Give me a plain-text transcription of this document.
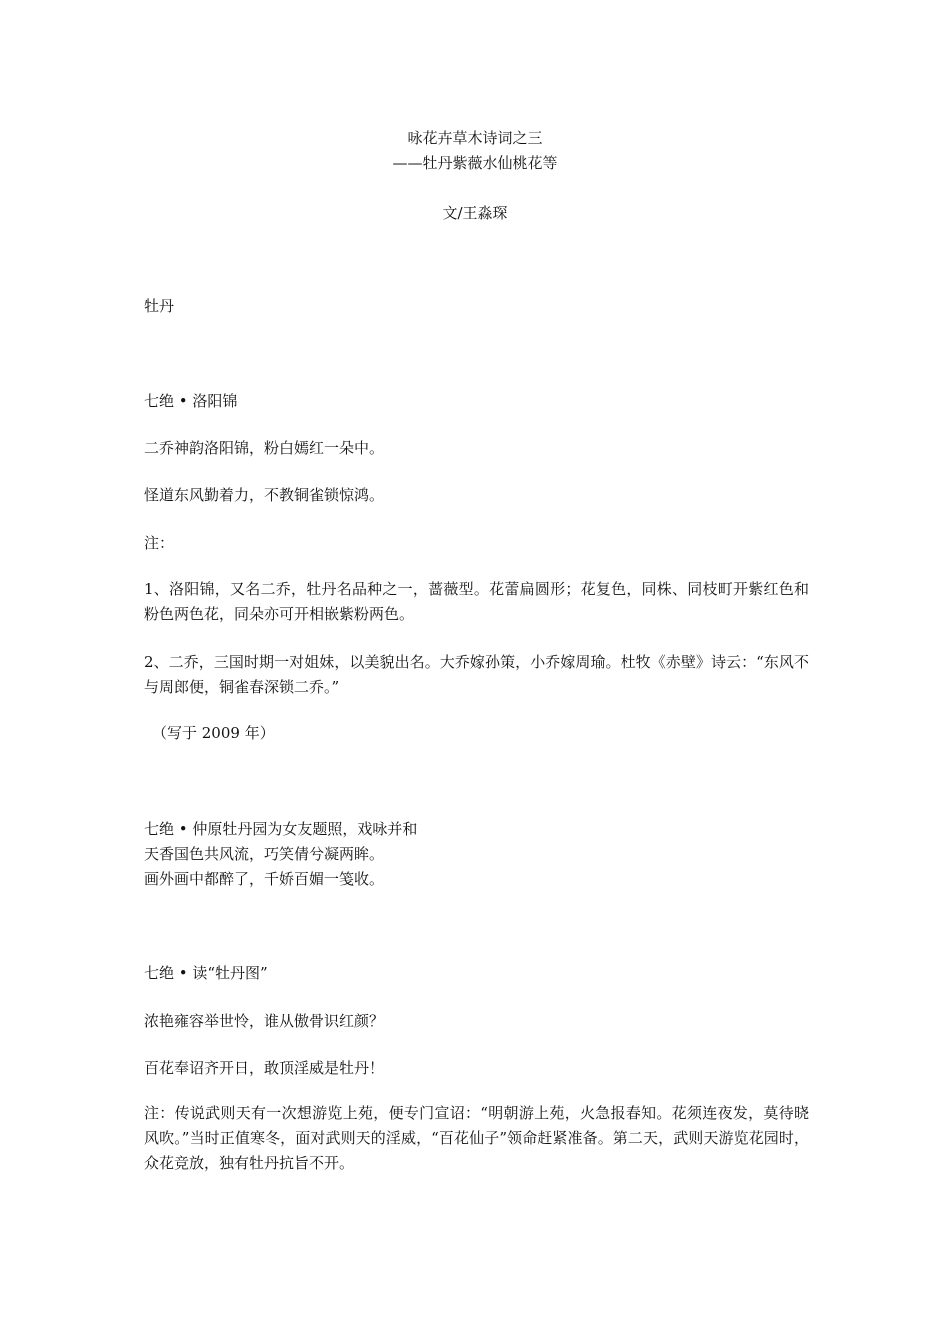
咏花卉草木诗词之三
——牡丹紫薇水仙桃花等
文/王淼琛
牡丹
七绝 • 洛阳锦
二乔神韵洛阳锦，粉白嫣红一朵中。
怪道东风勤着力，不教铜雀锁惊鸿。
注：
1、洛阳锦，又名二乔，牡丹名品种之一，蔷薇型。花蕾扁圆形；花复色，同株、同枝町开紫红色和粉色两色花，同朵亦可开相嵌紫粉两色。
2、二乔，三国时期一对姐妹，以美貌出名。大乔嫁孙策，小乔嫁周瑜。杜牧《赤壁》诗云：“东风不与周郎便，铜雀春深锁二乔。”
（写于 2009 年）
七绝 • 仲原牡丹园为女友题照，戏咏并和
天香国色共风流，巧笑倩兮凝两眸。
画外画中都醉了，千娇百媚一笺收。
七绝 • 读“牡丹图”
浓艳雍容举世怜，谁从傲骨识红颜？
百花奉诏齐开日，敢顶淫威是牡丹！
注：传说武则天有一次想游览上苑，便专门宣诏：“明朝游上苑，火急报春知。花须连夜发，莫待晓风吹。”当时正值寒冬，面对武则天的淫威，“百花仙子”领命赶紧准备。第二天，武则天游览花园时，众花竞放，独有牡丹抗旨不开。
